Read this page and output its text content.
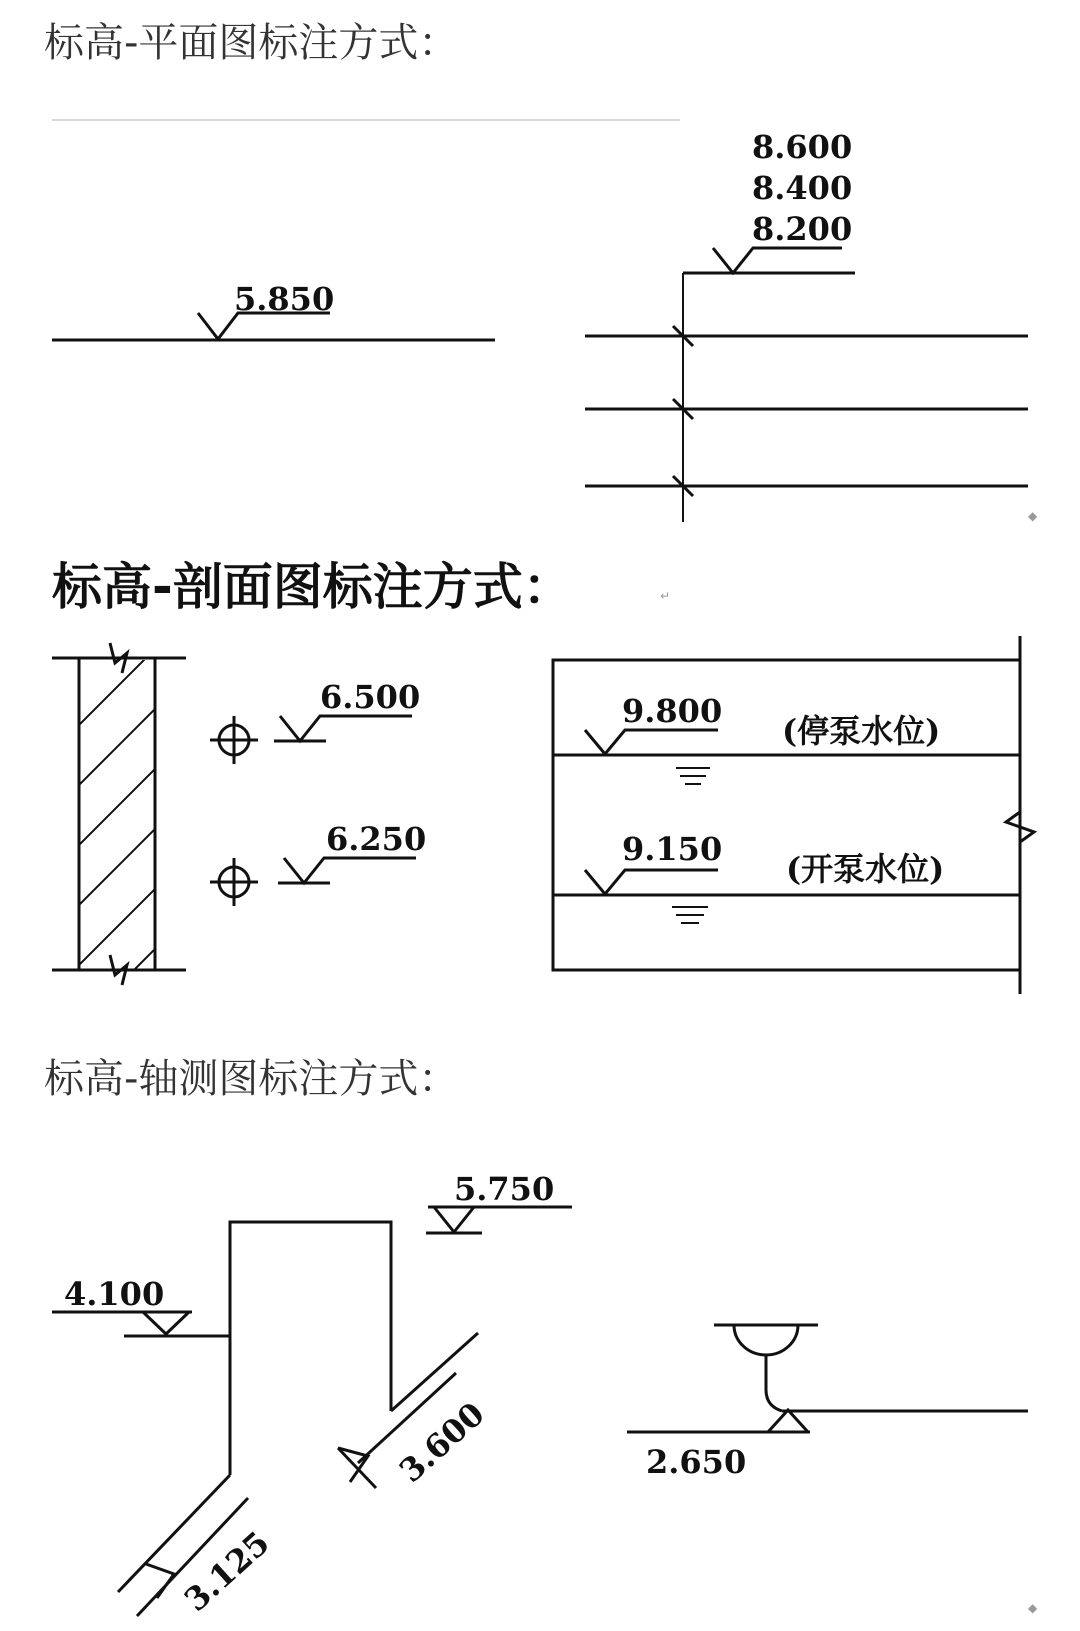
标高-平面图标注方式：
5.850
8.600
8.400
8.200
◆
标高-剖面图标注方式：	↵
6.500
6.250
9.800
(停泵水位)
9.150
(开泵水位)
标高-轴测图标注方式：
4.100
5.750
3.600
3.125
2.650
◆
